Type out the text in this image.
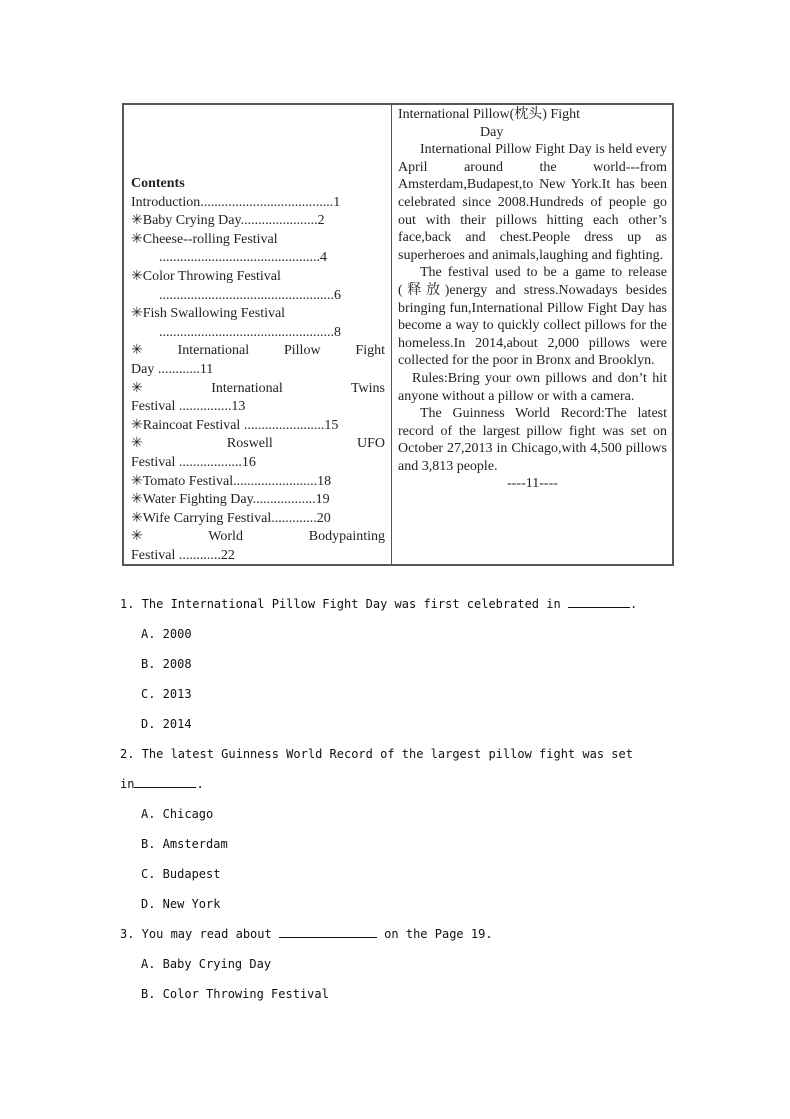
Contents
Introduction......................................1
✳Baby Crying Day......................2
✳Cheese--rolling Festival
..............................................4
✳Color Throwing Festival
..................................................6
✳Fish Swallowing Festival
..................................................8
✳ International Pillow Fight
Day ............11
✳ International Twins
Festival ...............13
✳Raincoat Festival .......................15
✳ Roswell UFO
Festival ..................16
✳Tomato Festival........................18
✳Water Fighting Day..................19
✳Wife Carrying Festival.............20
✳ World Bodypainting
Festival ............22
International Pillow(枕头) Fight
Day
International Pillow Fight Day is held every April around the world---from Amsterdam,Budapest,to New York.It has been celebrated since 2008.Hundreds of people go out with their pillows hitting each other’s face,back and chest.People dress up as superheroes and animals,laughing and fighting.
The festival used to be a game to release (释放)energy and stress.Nowadays besides bringing fun,International Pillow Fight Day has become a way to quickly collect pillows for the homeless.In 2014,about 2,000 pillows were collected for the poor in Bronx and Brooklyn.
Rules:Bring your own pillows and don’t hit anyone without a pillow or with a camera.
The Guinness World Record:The latest record of the largest pillow fight was set on October 27,2013 in Chicago,with 4,500 pillows and 3,813 people.
----11----
1. The International Pillow Fight Day was first celebrated in	.
A. 2000
B. 2008
C. 2013
D. 2014
2. The latest Guinness World Record of the largest pillow fight was set
in	.
A. Chicago
B. Amsterdam
C. Budapest
D. New York
3. You may read about	on the Page 19.
A. Baby Crying Day
B. Color Throwing Festival
